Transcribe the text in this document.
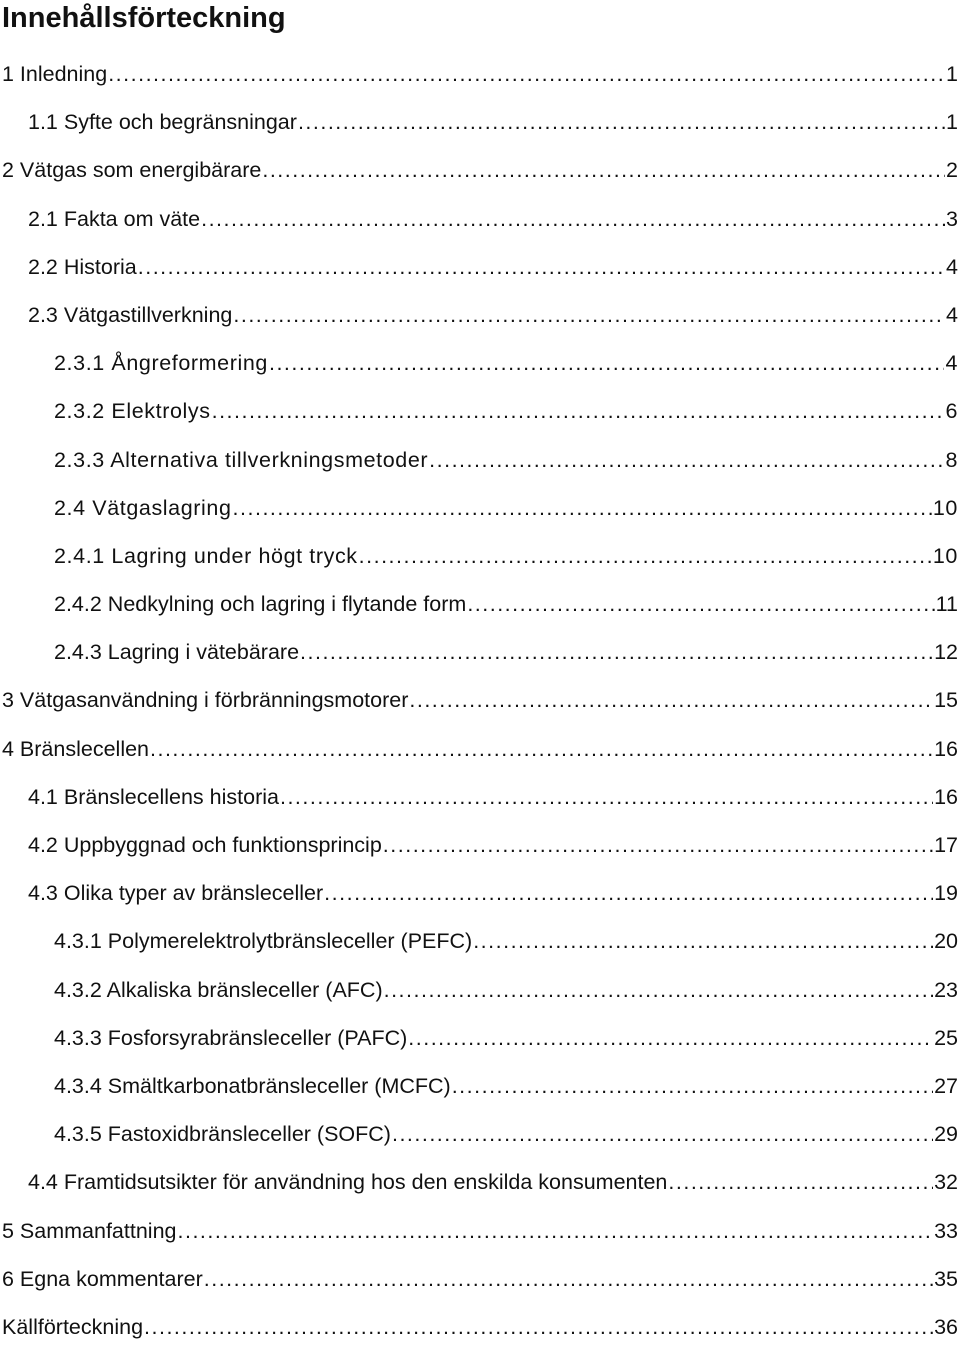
Innehållsförteckning
1 Inledning .....	1
1.1 Syfte och begränsningar .....	1
2 Vätgas som energibärare .....	2
2.1 Fakta om väte .....	3
2.2 Historia .....	4
2.3 Vätgastillverkning .....	4
2.3.1 Ångreformering .....	4
2.3.2 Elektrolys .....	6
2.3.3 Alternativa tillverkningsmetoder .....	8
2.4 Vätgaslagring .....	10
2.4.1 Lagring under högt tryck .....	10
2.4.2 Nedkylning och lagring i flytande form .....	11
2.4.3 Lagring i vätebärare .....	12
3 Vätgasanvändning i förbränningsmotorer .....	15
4 Bränslecellen .....	16
4.1 Bränslecellens historia .....	16
4.2 Uppbyggnad och funktionsprincip .....	17
4.3 Olika typer av bränsleceller .....	19
4.3.1 Polymerelektrolytbränsleceller (PEFC) .....	20
4.3.2 Alkaliska bränsleceller (AFC) .....	23
4.3.3 Fosforsyrabränsleceller (PAFC) .....	25
4.3.4 Smältkarbonatbränsleceller (MCFC) .....	27
4.3.5 Fastoxidbränsleceller (SOFC) .....	29
4.4 Framtidsutsikter för användning hos den enskilda konsumenten .....	32
5 Sammanfattning .....	33
6 Egna kommentarer .....	35
Källförteckning .....	36
